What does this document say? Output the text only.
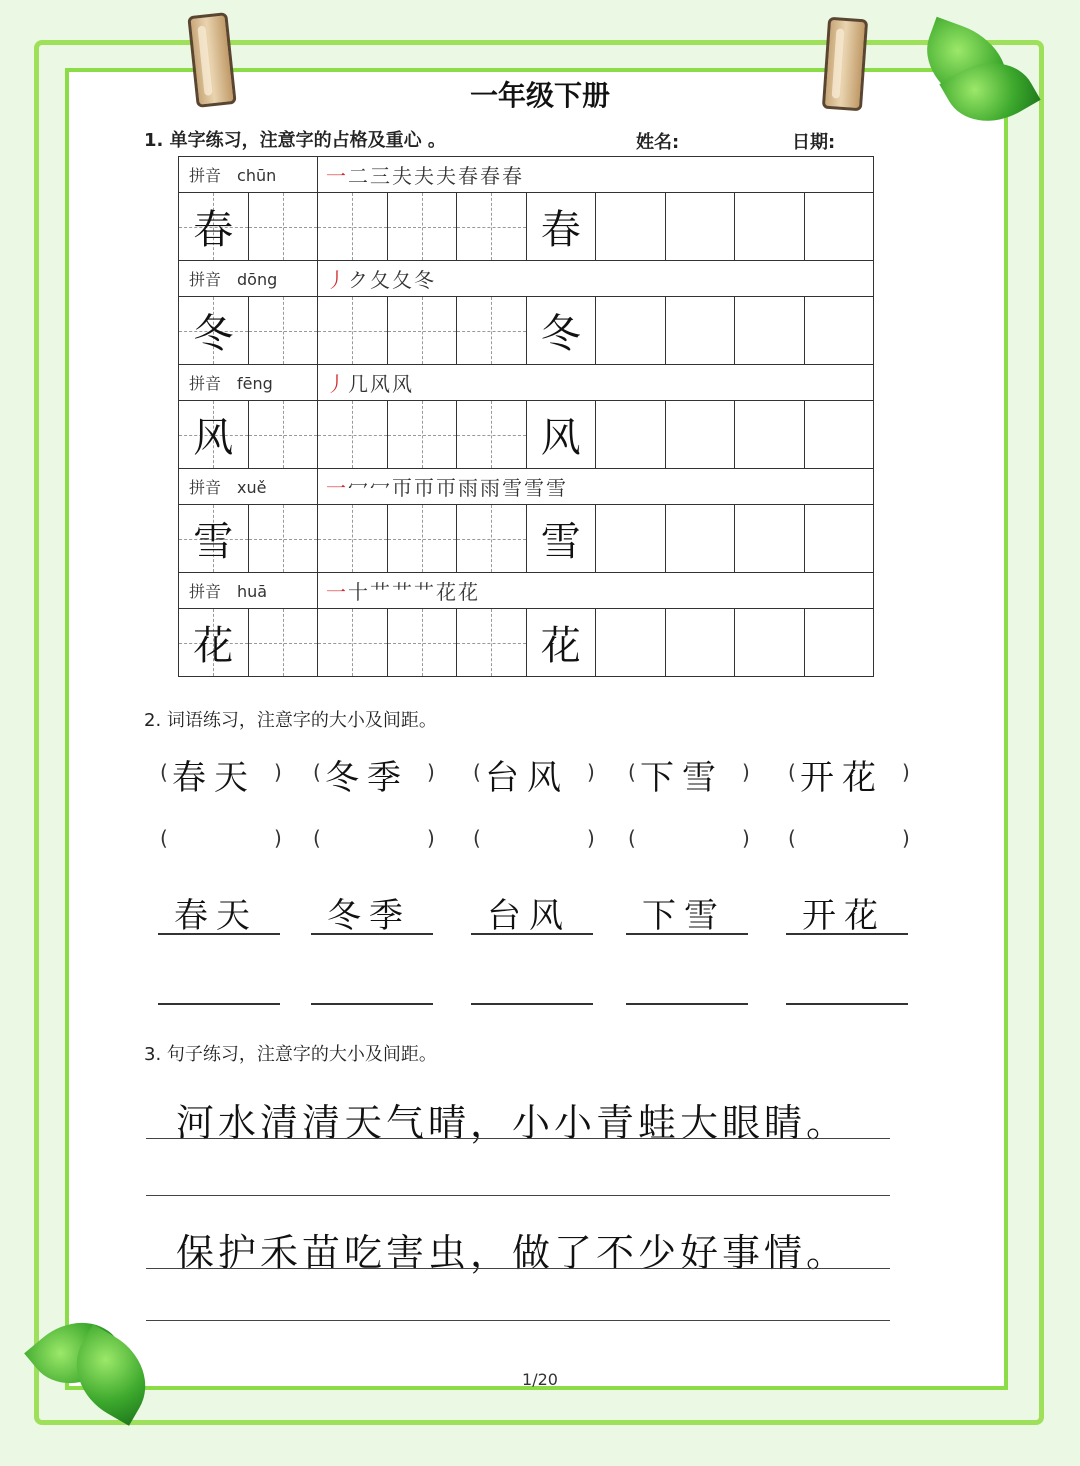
一年级下册
1. 单字练习，注意字的占格及重心 。	姓名:	日期:
拼音 chūn		一二三夫夫夫春春春							

春					春				

拼音 dōng		丿ク夂夂冬							

冬					冬				

拼音 fēng		丿几风风							

风					风				

拼音 xuě		一冖冖帀帀帀雨雨雪雪雪							

雪					雪				

拼音 huā		一十艹艹艹花花							

花					花				

2. 词语练习，注意字的大小及间距。
( 春天 )
(	)
春天
( 冬季 )
(	)
冬季
( 台风 )
(	)
台风
( 下雪 )
(	)
下雪
( 开花 )
(	)
开花
3. 句子练习，注意字的大小及间距。
河水清清天气晴，小小青蛙大眼睛。
保护禾苗吃害虫，做了不少好事情。
1/20
